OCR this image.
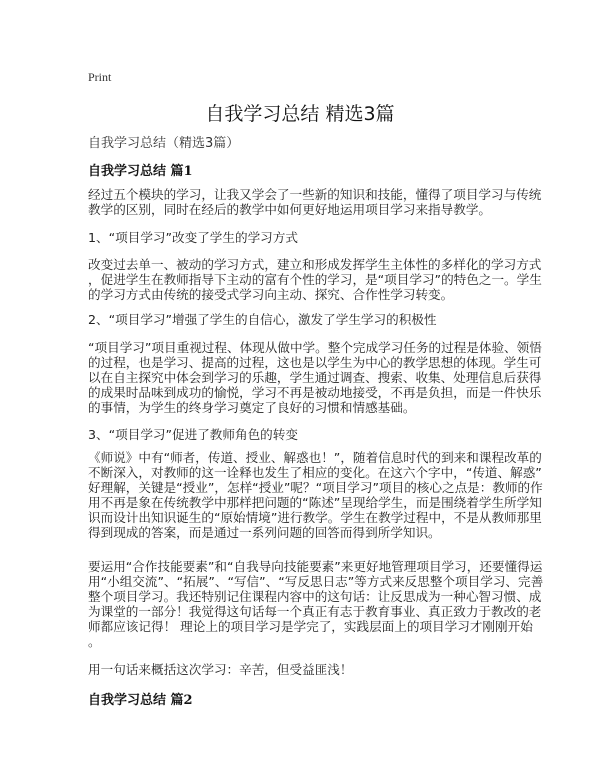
Print
自我学习总结 精选3篇
自我学习总结（精选3篇）
自我学习总结 篇1
经过五个模块的学习，让我又学会了一些新的知识和技能，懂得了项目学习与传统
教学的区别，同时在经后的教学中如何更好地运用项目学习来指导教学。
1、“项目学习”改变了学生的学习方式
改变过去单一、被动的学习方式，建立和形成发挥学生主体性的多样化的学习方式
，促进学生在教师指导下主动的富有个性的学习，是“项目学习”的特色之一。学生
的学习方式由传统的接受式学习向主动、探究、合作性学习转变。
2、“项目学习”增强了学生的自信心，激发了学生学习的积极性
“项目学习”项目重视过程、体现从做中学。整个完成学习任务的过程是体验、领悟
的过程，也是学习、提高的过程，这也是以学生为中心的教学思想的体现。学生可
以在自主探究中体会到学习的乐趣，学生通过调查、搜索、收集、处理信息后获得
的成果时品味到成功的愉悦，学习不再是被动地接受，不再是负担，而是一件快乐
的事情，为学生的终身学习奠定了良好的习惯和情感基础。
3、“项目学习”促进了教师角色的转变
《师说》中有“师者，传道、授业、解惑也！”，随着信息时代的到来和课程改革的
不断深入，对教师的这一诠释也发生了相应的变化。在这六个字中，“传道、解惑”
好理解，关键是“授业”，怎样“授业”呢？“项目学习”项目的核心之点是：教师的作
用不再是象在传统教学中那样把问题的“陈述”呈现给学生，而是围绕着学生所学知
识而设计出知识诞生的“原始情境”进行教学。学生在教学过程中，不是从教师那里
得到现成的答案，而是通过一系列问题的回答而得到所学知识。
要运用“合作技能要素”和“自我导向技能要素”来更好地管理项目学习，还要懂得运
用“小组交流”、“拓展”、“写信”、“写反思日志”等方式来反思整个项目学习、完善
整个项目学习。我还特别记住课程内容中的这句话：让反思成为一种心智习惯、成
为课堂的一部分！我觉得这句话每一个真正有志于教育事业、真正致力于教改的老
师都应该记得！ 理论上的项目学习是学完了，实践层面上的项目学习才刚刚开始
。
用一句话来概括这次学习：辛苦，但受益匪浅！
自我学习总结 篇2
